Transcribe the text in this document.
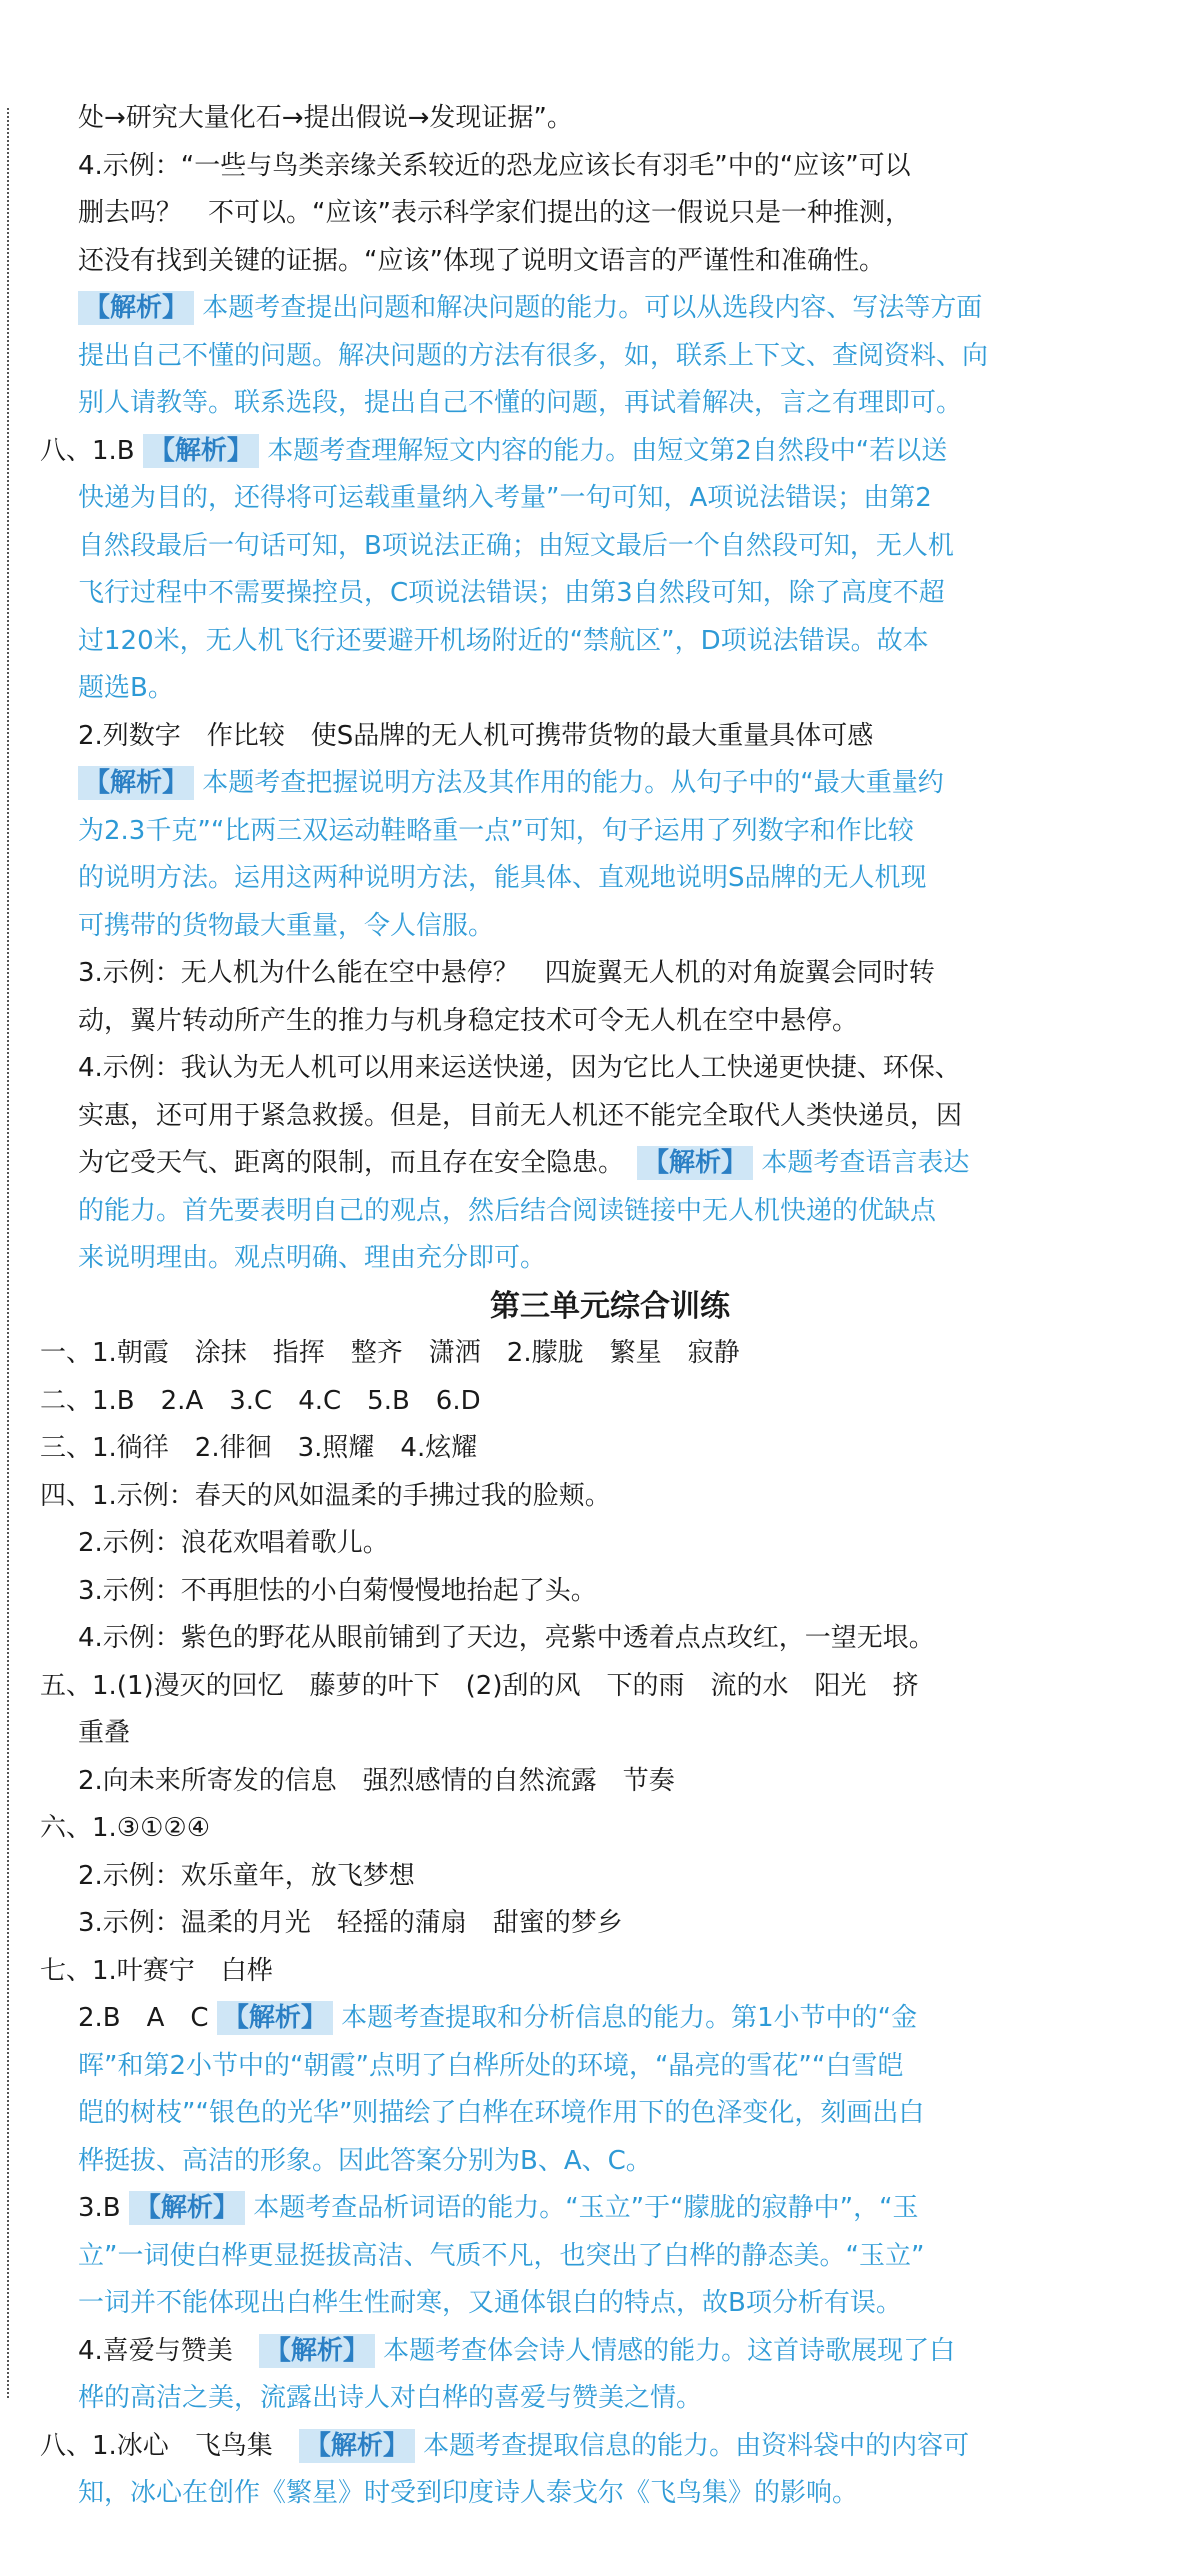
处→研究大量化石→提出假说→发现证据”。
4.示例：“一些与鸟类亲缘关系较近的恐龙应该长有羽毛”中的“应该”可以
删去吗？　不可以。“应该”表示科学家们提出的这一假说只是一种推测，
还没有找到关键的证据。“应该”体现了说明文语言的严谨性和准确性。
【解析】 本题考查提出问题和解决问题的能力。可以从选段内容、写法等方面
提出自己不懂的问题。解决问题的方法有很多，如，联系上下文、查阅资料、向
别人请教等。联系选段，提出自己不懂的问题，再试着解决，言之有理即可。
八、1.B 【解析】 本题考查理解短文内容的能力。由短文第2自然段中“若以送
快递为目的，还得将可运载重量纳入考量”一句可知，A项说法错误；由第2
自然段最后一句话可知，B项说法正确；由短文最后一个自然段可知，无人机
飞行过程中不需要操控员，C项说法错误；由第3自然段可知，除了高度不超
过120米，无人机飞行还要避开机场附近的“禁航区”，D项说法错误。故本
题选B。
2.列数字　作比较　使S品牌的无人机可携带货物的最大重量具体可感
【解析】 本题考查把握说明方法及其作用的能力。从句子中的“最大重量约
为2.3千克”“比两三双运动鞋略重一点”可知，句子运用了列数字和作比较
的说明方法。运用这两种说明方法，能具体、直观地说明S品牌的无人机现
可携带的货物最大重量，令人信服。
3.示例：无人机为什么能在空中悬停？　四旋翼无人机的对角旋翼会同时转
动，翼片转动所产生的推力与机身稳定技术可令无人机在空中悬停。
4.示例：我认为无人机可以用来运送快递，因为它比人工快递更快捷、环保、
实惠，还可用于紧急救援。但是，目前无人机还不能完全取代人类快递员，因
为它受天气、距离的限制，而且存在安全隐患。　 【解析】 本题考查语言表达
的能力。首先要表明自己的观点，然后结合阅读链接中无人机快递的优缺点
来说明理由。观点明确、理由充分即可。
第三单元综合训练
一、1.朝霞　涂抹　指挥　整齐　潇洒　2.朦胧　繁星　寂静
二、1.B　2.A　3.C　4.C　5.B　6.D
三、1.徜徉　2.徘徊　3.照耀　4.炫耀
四、1.示例：春天的风如温柔的手拂过我的脸颊。
2.示例：浪花欢唱着歌儿。
3.示例：不再胆怯的小白菊慢慢地抬起了头。
4.示例：紫色的野花从眼前铺到了天边，亮紫中透着点点玫红，一望无垠。
五、1.(1)漫灭的回忆　藤萝的叶下　(2)刮的风　下的雨　流的水　阳光　挤
重叠
2.向未来所寄发的信息　强烈感情的自然流露　节奏
六、1.③①②④
2.示例：欢乐童年，放飞梦想
3.示例：温柔的月光　轻摇的蒲扇　甜蜜的梦乡
七、1.叶赛宁　白桦
2.B　A　C 【解析】 本题考查提取和分析信息的能力。第1小节中的“金
晖”和第2小节中的“朝霞”点明了白桦所处的环境，“晶亮的雪花”“白雪皑
皑的树枝”“银色的光华”则描绘了白桦在环境作用下的色泽变化，刻画出白
桦挺拔、高洁的形象。因此答案分别为B、A、C。
3.B 【解析】 本题考查品析词语的能力。“玉立”于“朦胧的寂静中”，“玉
立”一词使白桦更显挺拔高洁、气质不凡，也突出了白桦的静态美。“玉立”
一词并不能体现出白桦生性耐寒，又通体银白的特点，故B项分析有误。
4.喜爱与赞美　 【解析】 本题考查体会诗人情感的能力。这首诗歌展现了白
桦的高洁之美，流露出诗人对白桦的喜爱与赞美之情。
八、1.冰心　飞鸟集　 【解析】 本题考查提取信息的能力。由资料袋中的内容可
知，冰心在创作《繁星》时受到印度诗人泰戈尔《飞鸟集》的影响。
